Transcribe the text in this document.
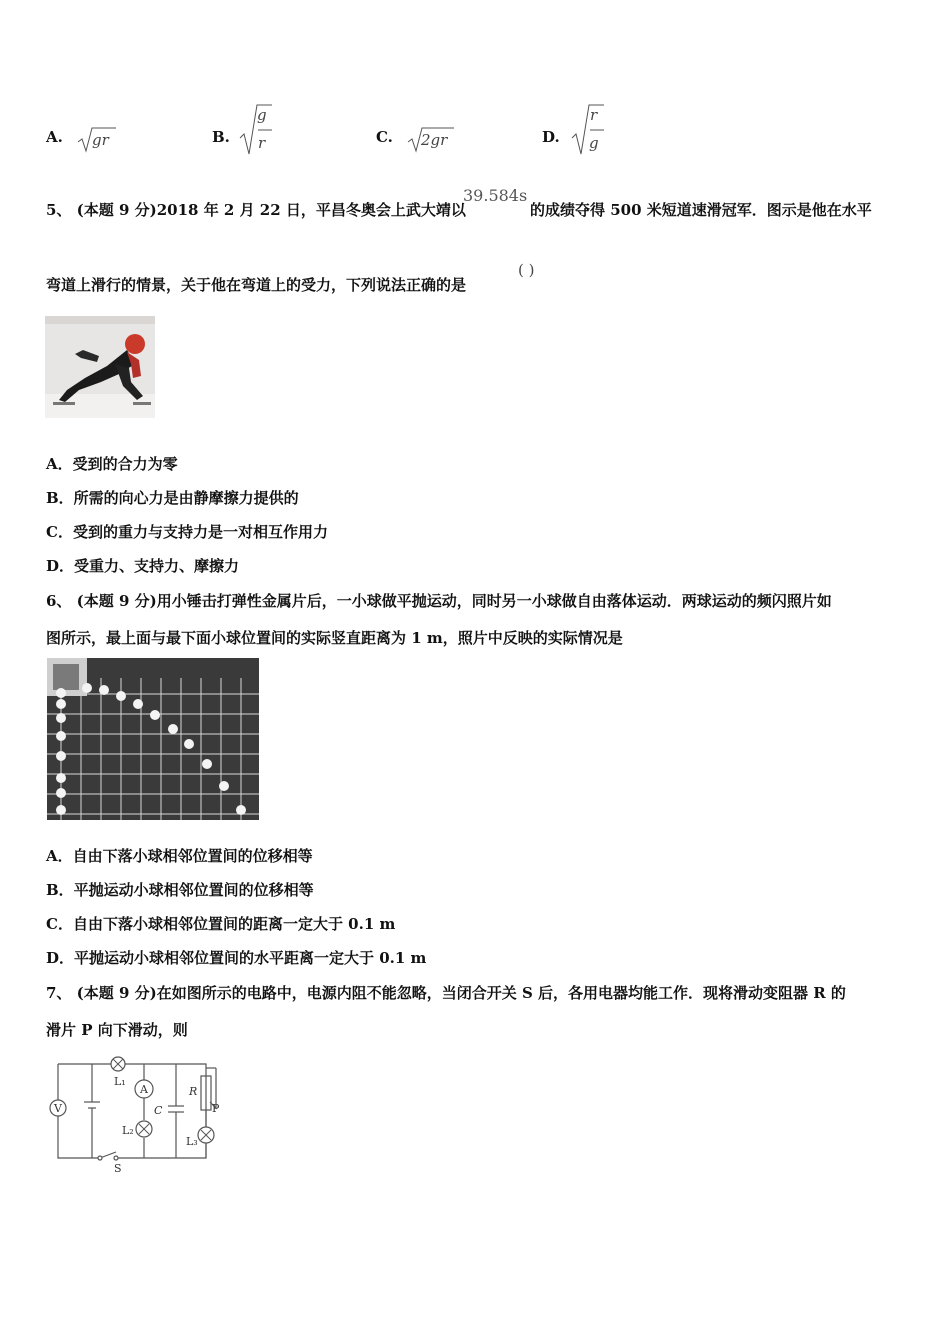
A. gr	B.
g
r	C. 2gr	D.
r
g
5、 (本题 9 分)2018 年 2 月 22 日，平昌冬奥会上武大靖以
39.584s
的成绩夺得 500 米短道速滑冠军．图示是他在水平
弯道上滑行的情景，关于他在弯道上的受力，下列说法正确的是
( )
A．受到的合力为零
B．所需的向心力是由静摩擦力提供的
C．受到的重力与支持力是一对相互作用力
D．受重力、支持力、摩擦力
6、 (本题 9 分)用小锤击打弹性金属片后，一小球做平抛运动，同时另一小球做自由落体运动．两球运动的频闪照片如
图所示，最上面与最下面小球位置间的实际竖直距离为 1 m，照片中反映的实际情况是
A．自由下落小球相邻位置间的位移相等
B．平抛运动小球相邻位置间的位移相等
C．自由下落小球相邻位置间的距离一定大于 0.1 m
D．平抛运动小球相邻位置间的水平距离一定大于 0.1 m
7、 (本题 9 分)在如图所示的电路中，电源内阻不能忽略，当闭合开关 S 后，各用电器均能工作．现将滑动变阻器 R 的
滑片 P 向下滑动，则
V
A
L₁
L₂
L₃
C
R
P
S
